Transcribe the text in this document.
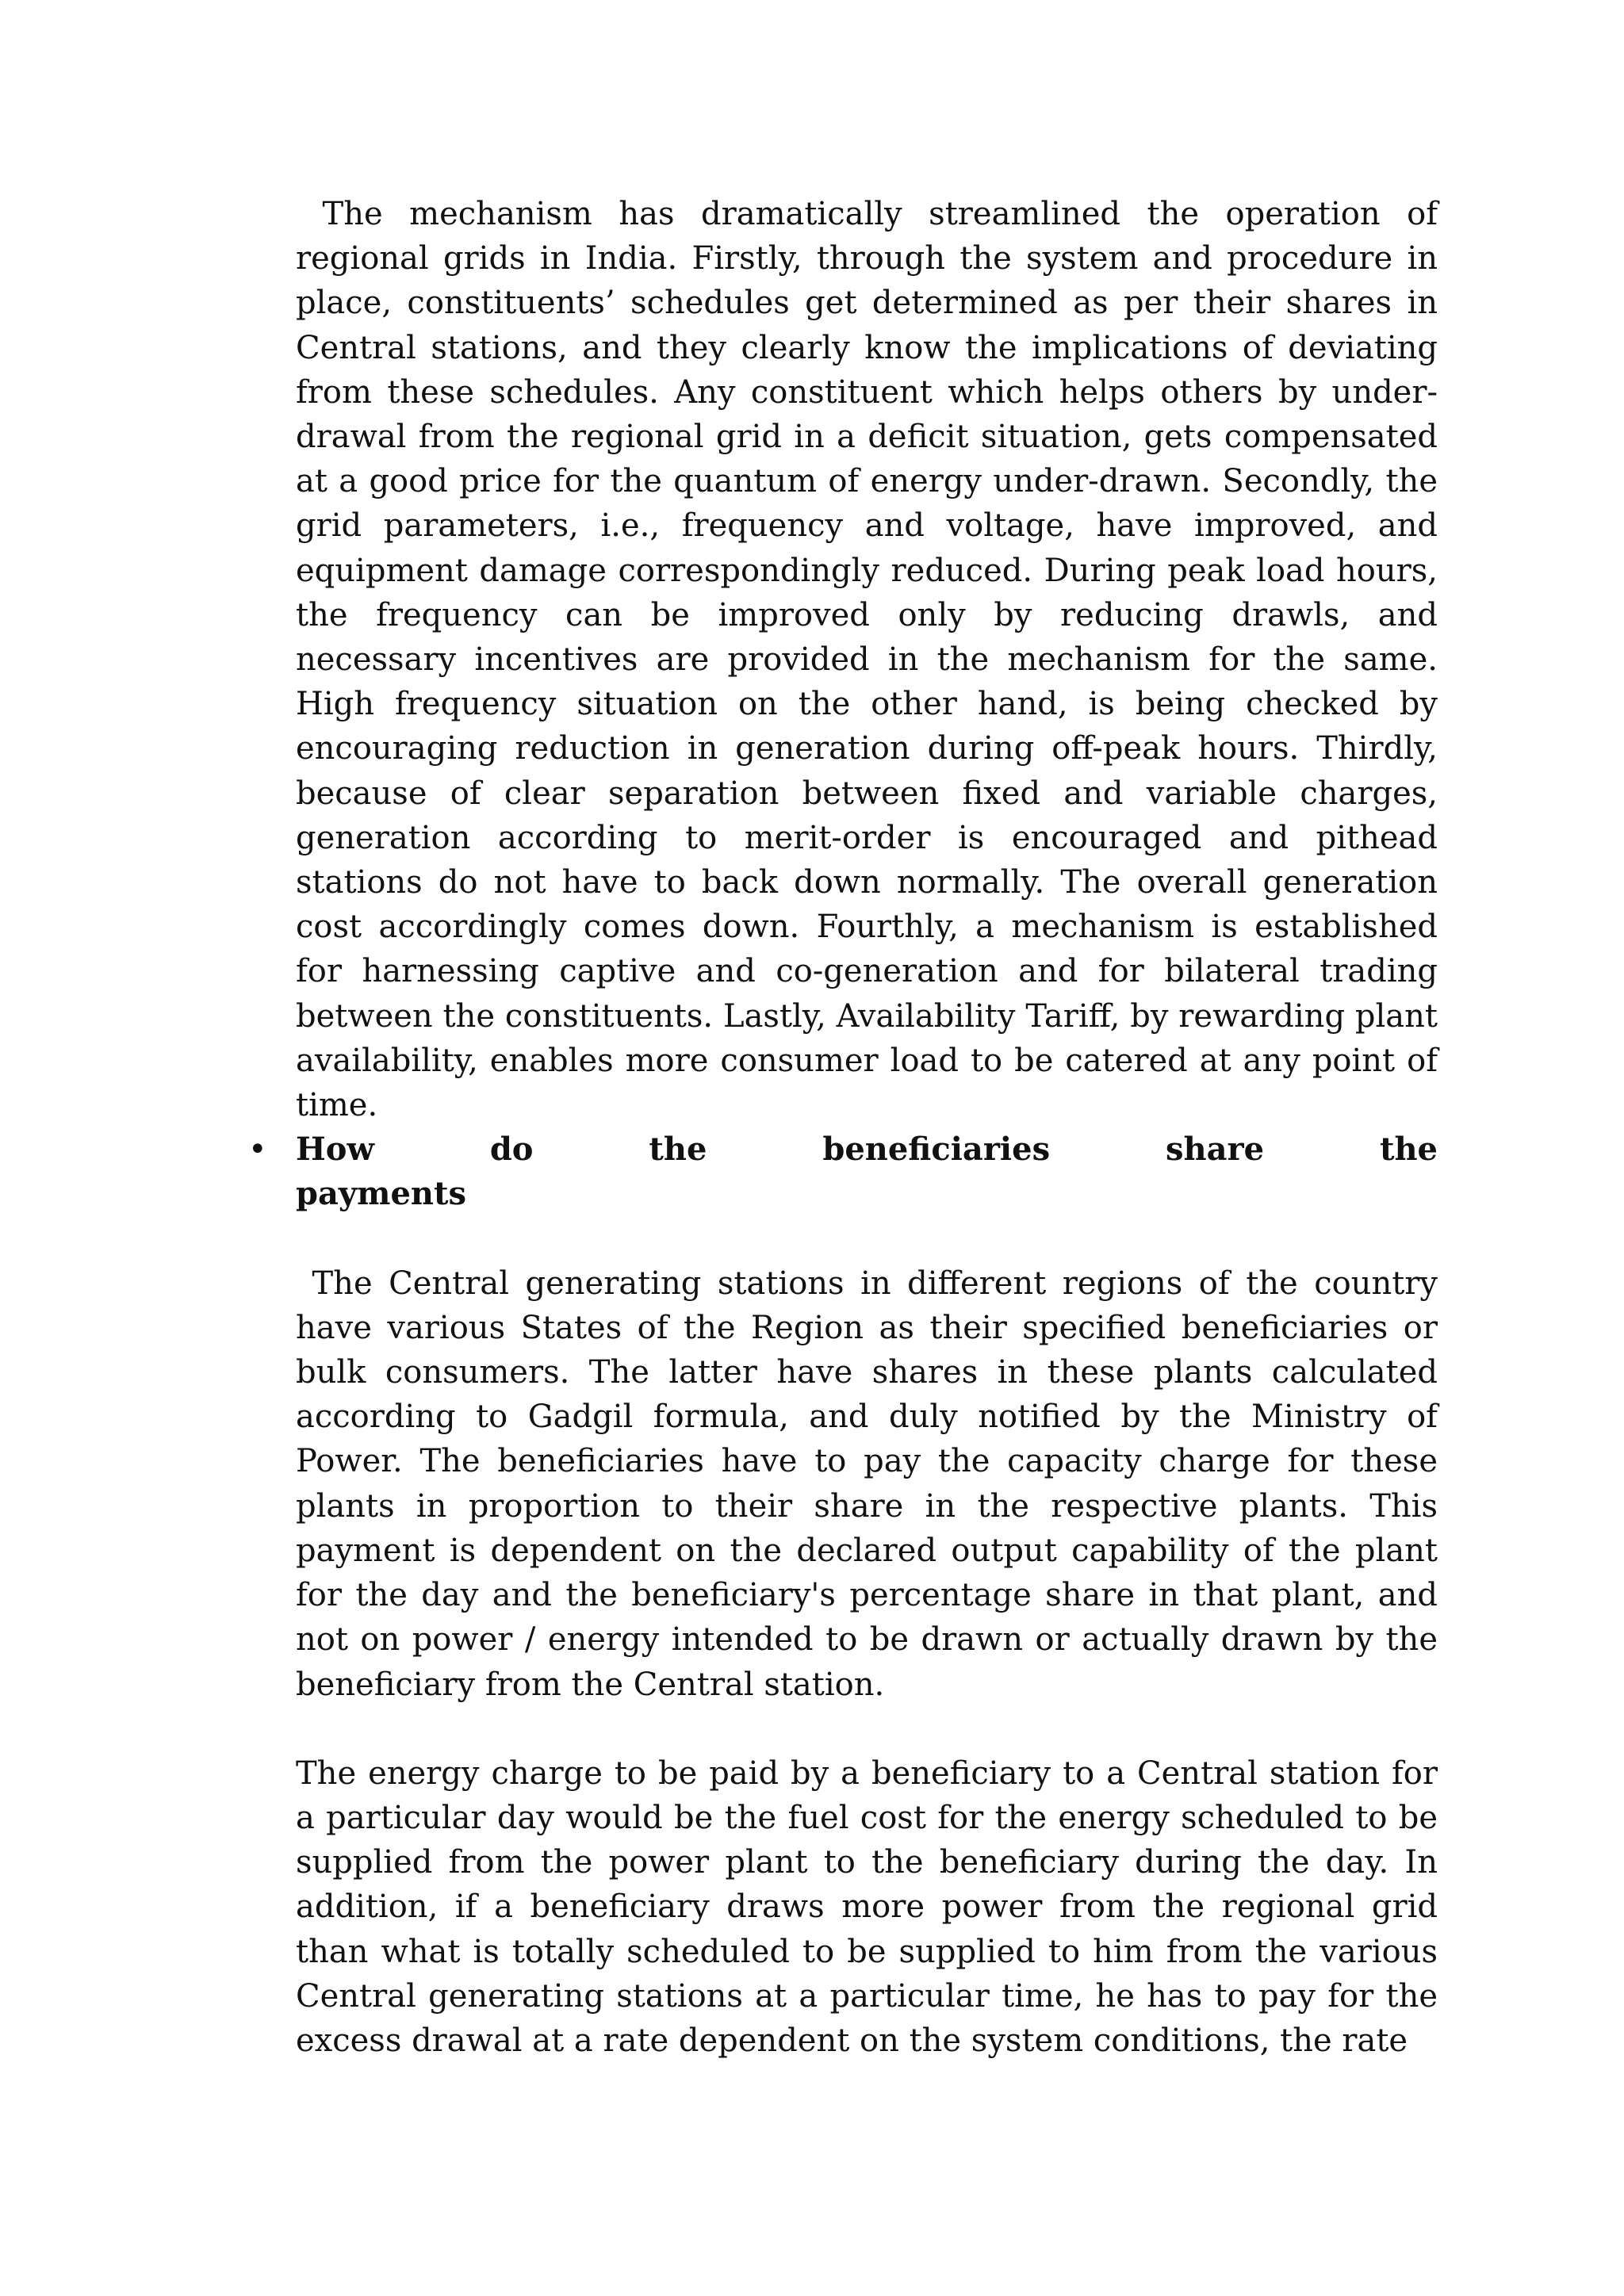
The mechanism has dramatically streamlined the operation of regional grids in India. Firstly, through the system and procedure in place, constituents’ schedules get determined as per their shares in Central stations, and they clearly know the implications of deviating from these schedules. Any constituent which helps others by under-drawal from the regional grid in a deficit situation, gets compensated at a good price for the quantum of energy under-drawn. Secondly, the grid parameters, i.e., frequency and voltage, have improved, and equipment damage correspondingly reduced. During peak load hours, the frequency can be improved only by reducing drawls, and necessary incentives are provided in the mechanism for the same. High frequency situation on the other hand, is being checked by encouraging reduction in generation during off-peak hours. Thirdly, because of clear separation between fixed and variable charges, generation according to merit-order is encouraged and pithead stations do not have to back down normally. The overall generation cost accordingly comes down. Fourthly, a mechanism is established for harnessing captive and co-generation and for bilateral trading between the constituents. Lastly, Availability Tariff, by rewarding plant availability, enables more consumer load to be catered at any point of time.

• How	do	the	beneficiaries	share	the
payments

The Central generating stations in different regions of the country have various States of the Region as their specified beneficiaries or bulk consumers. The latter have shares in these plants calculated according to Gadgil formula, and duly notified by the Ministry of Power. The beneficiaries have to pay the capacity charge for these plants in proportion to their share in the respective plants. This payment is dependent on the declared output capability of the plant for the day and the beneficiary's percentage share in that plant, and not on power / energy intended to be drawn or actually drawn by the beneficiary from the Central station.

The energy charge to be paid by a beneficiary to a Central station for a particular day would be the fuel cost for the energy scheduled to be supplied from the power plant to the beneficiary during the day. In addition, if a beneficiary draws more power from the regional grid than what is totally scheduled to be supplied to him from the various Central generating stations at a particular time, he has to pay for the excess drawal at a rate dependent on the system conditions, the rate
